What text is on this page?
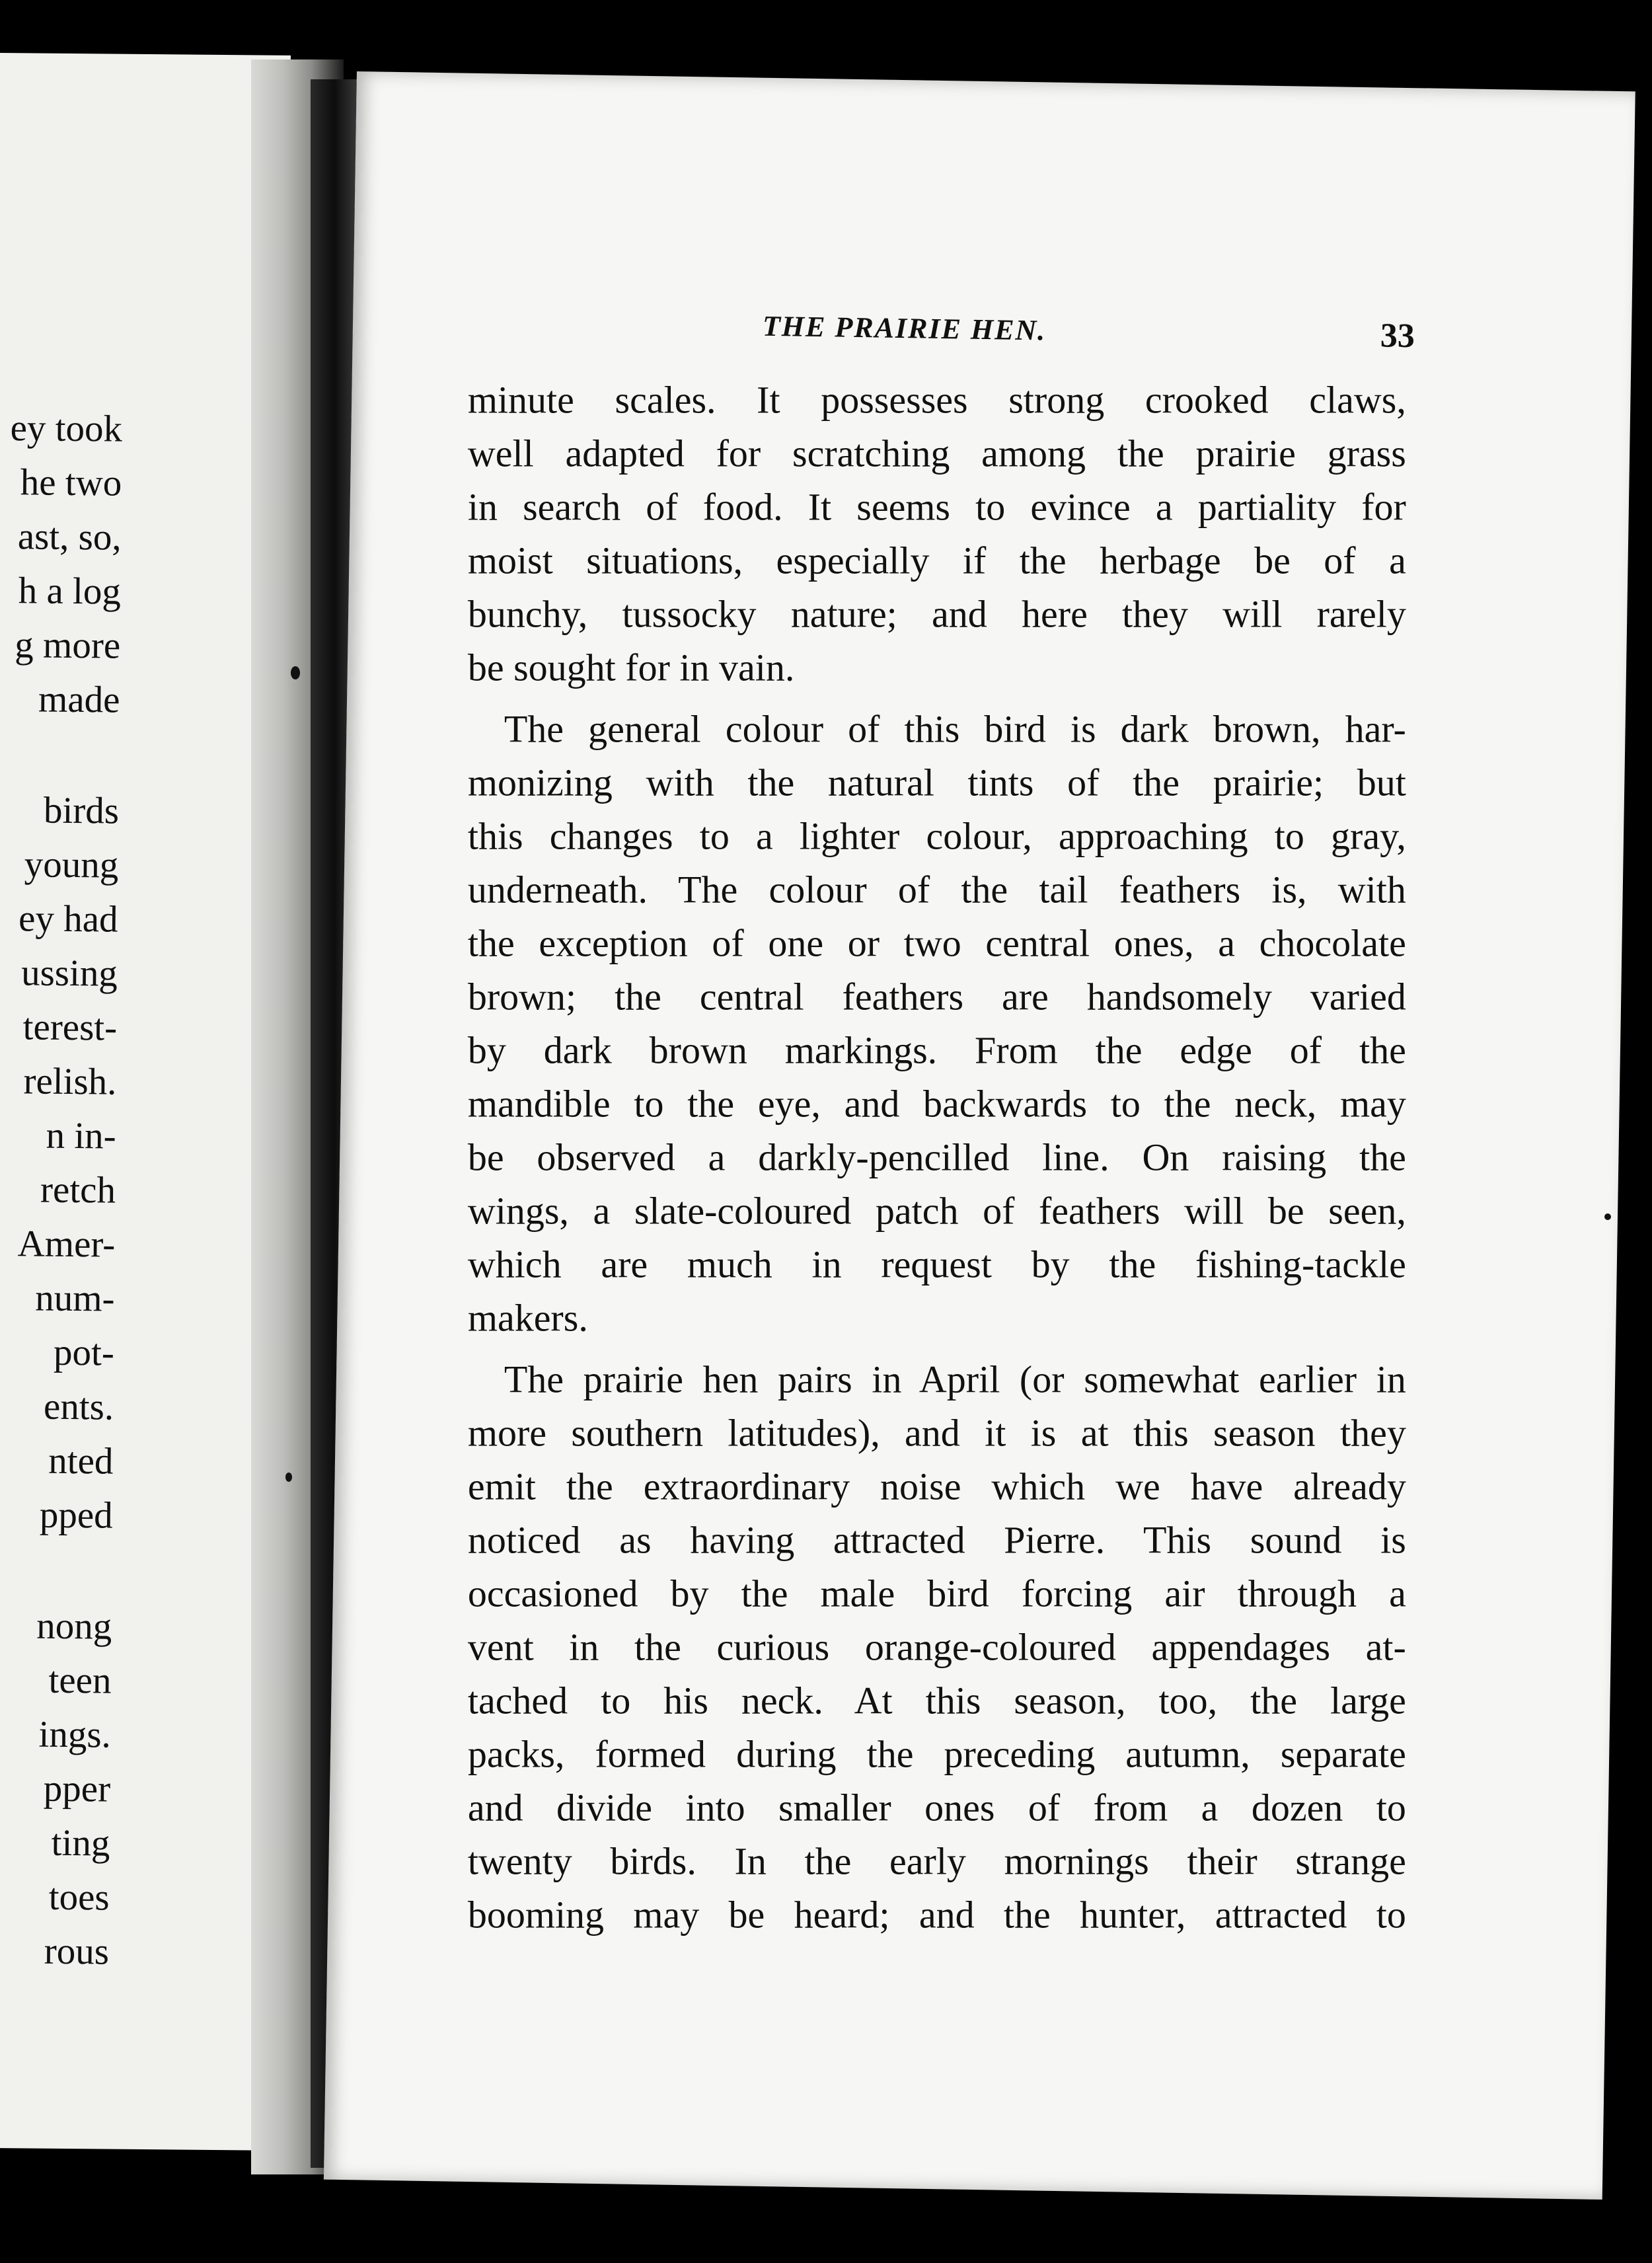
ey took
he two
ast, so,
h a log
g more
made
birds
young
ey had
ussing
terest-
relish.
n in-
retch
Amer-
num-
pot-
ents.
nted
pped
nong
teen
ings.
pper
ting
toes
rous
THE PRAIRIE HEN.	33
minute scales. It possesses strong crooked claws,
well adapted for scratching among the prairie grass
in search of food. It seems to evince a partiality for
moist situations, especially if the herbage be of a
bunchy, tussocky nature; and here they will rarely
be sought for in vain.
The general colour of this bird is dark brown, har-
monizing with the natural tints of the prairie; but
this changes to a lighter colour, approaching to gray,
underneath. The colour of the tail feathers is, with
the exception of one or two central ones, a chocolate
brown; the central feathers are handsomely varied
by dark brown markings. From the edge of the
mandible to the eye, and backwards to the neck, may
be observed a darkly-pencilled line. On raising the
wings, a slate-coloured patch of feathers will be seen,
which are much in request by the fishing-tackle
makers.
The prairie hen pairs in April (or somewhat earlier in
more southern latitudes), and it is at this season they
emit the extraordinary noise which we have already
noticed as having attracted Pierre. This sound is
occasioned by the male bird forcing air through a
vent in the curious orange-coloured appendages at-
tached to his neck. At this season, too, the large
packs, formed during the preceding autumn, separate
and divide into smaller ones of from a dozen to
twenty birds. In the early mornings their strange
booming may be heard; and the hunter, attracted to
